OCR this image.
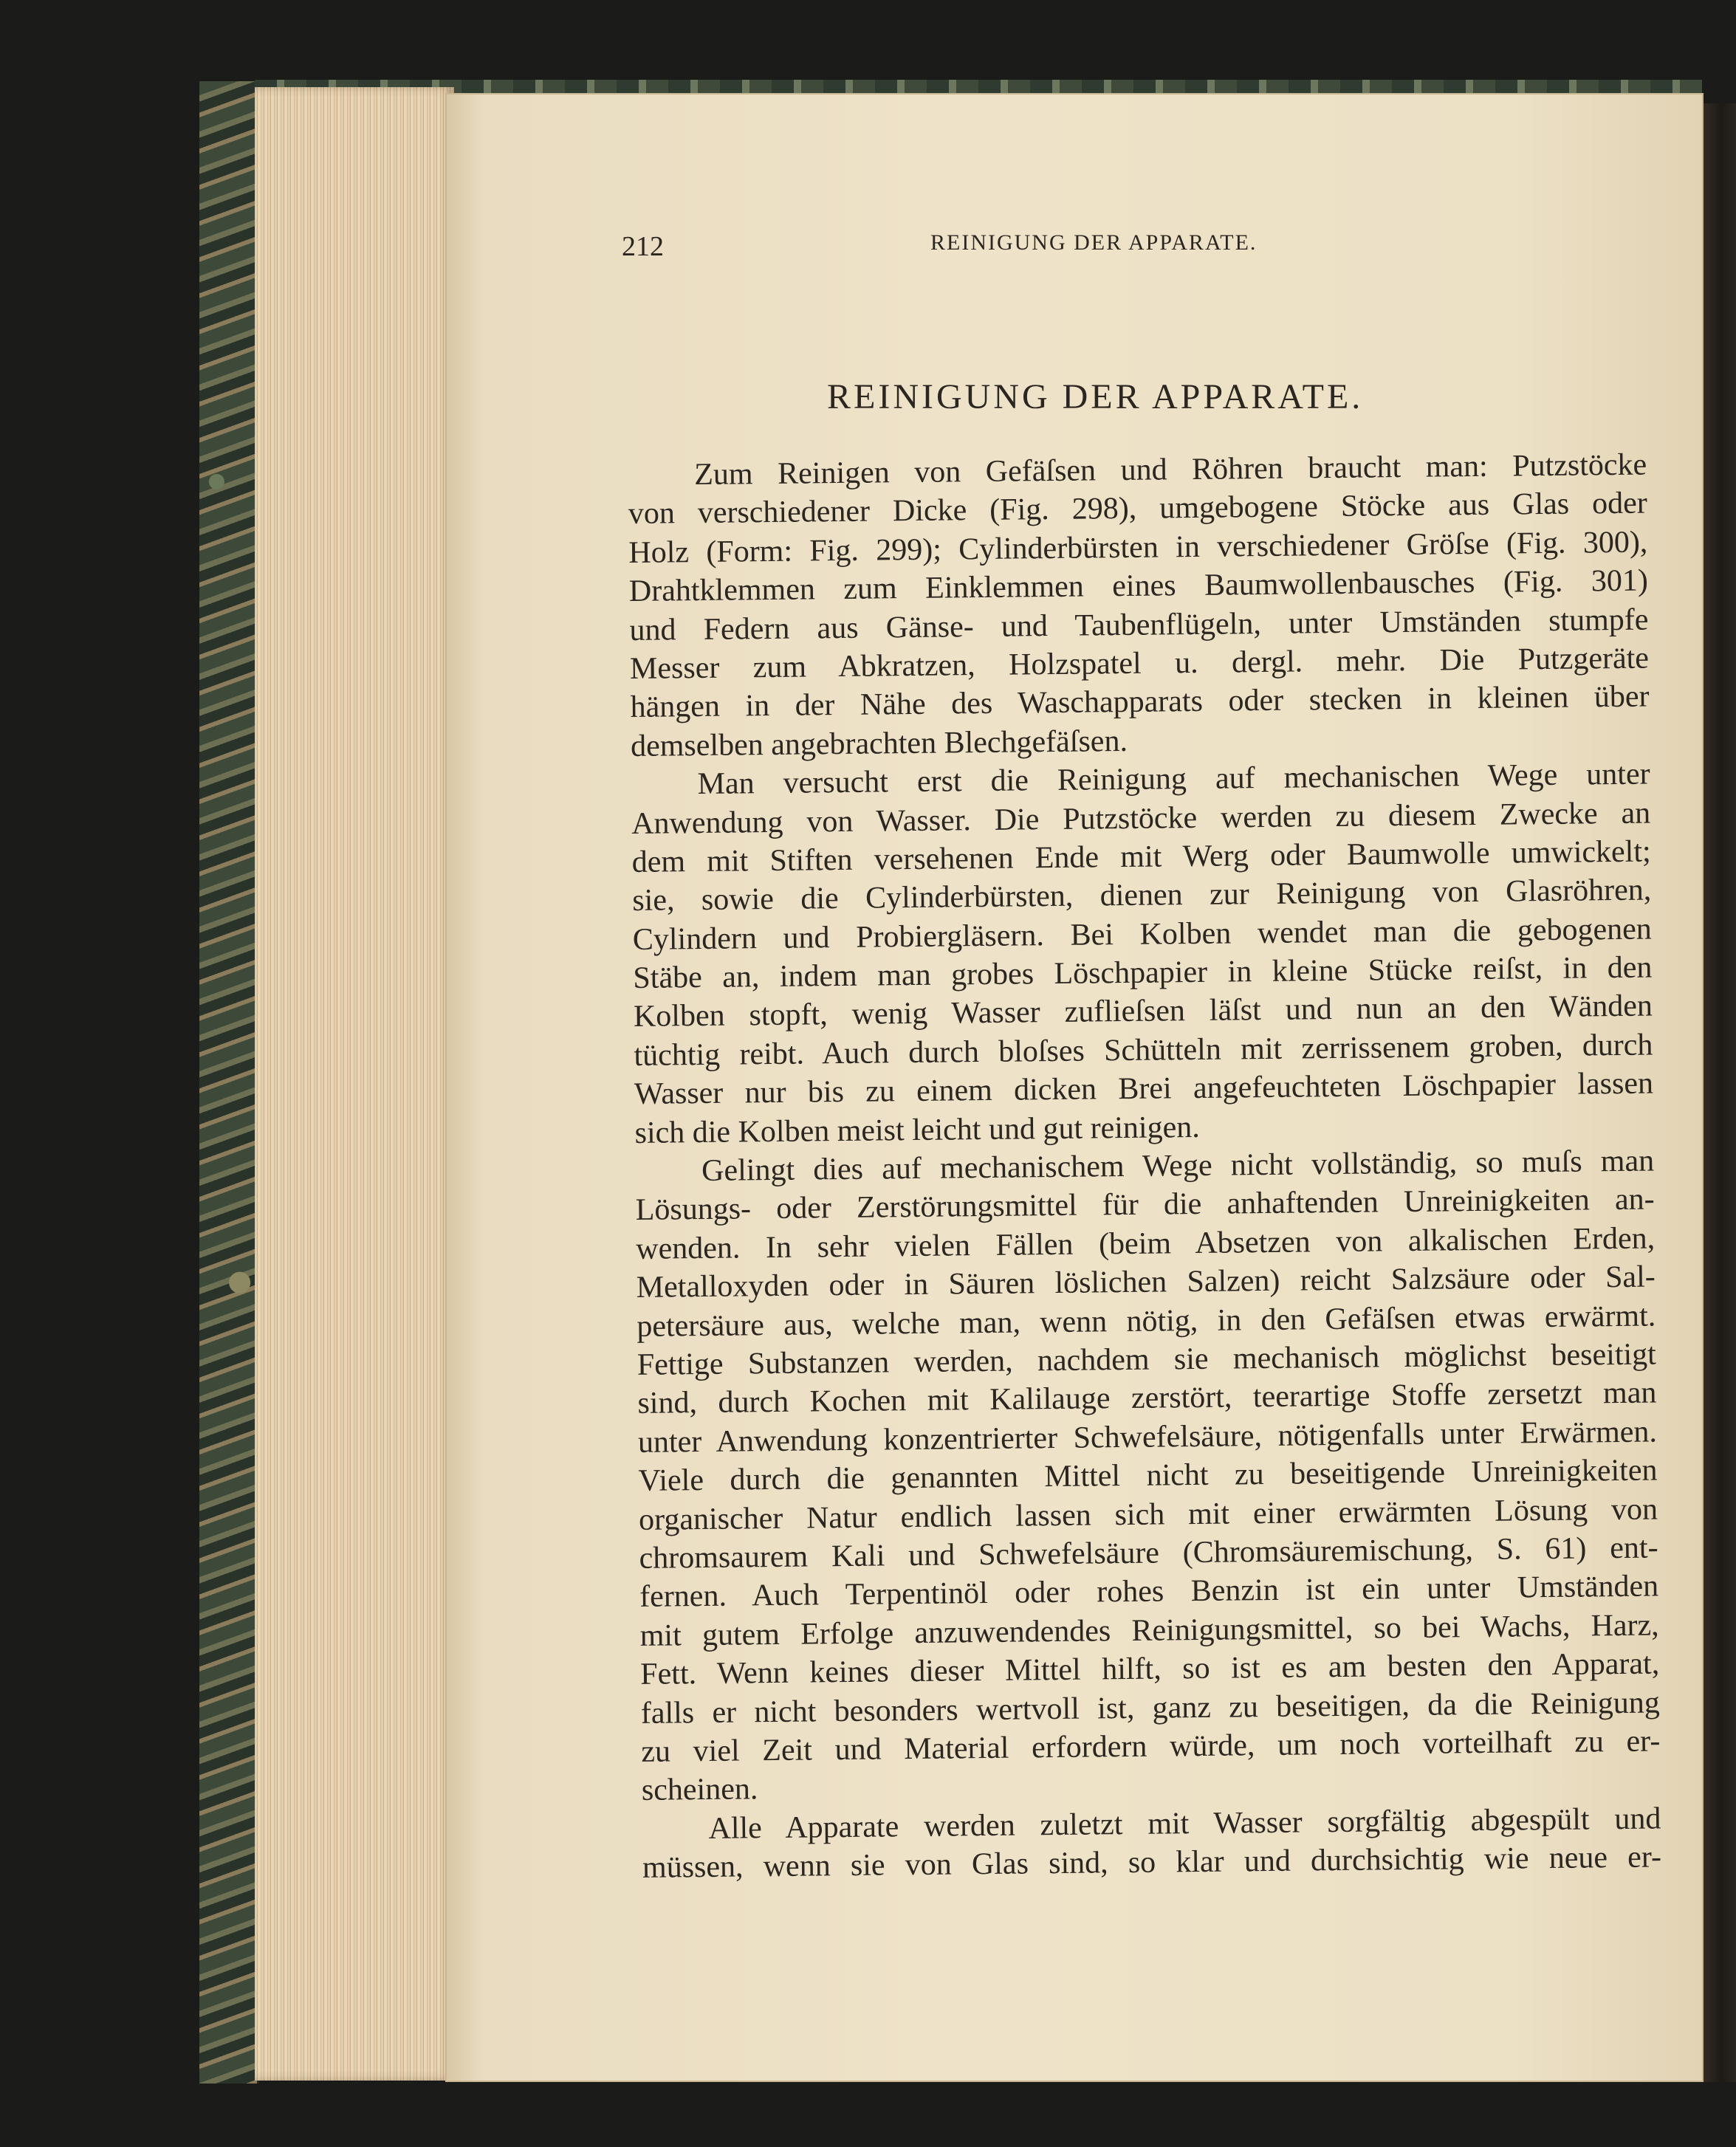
212	REINIGUNG DER APPARATE.
REINIGUNG DER APPARATE.
Zum Reinigen von Gefäſsen und Röhren braucht man: Putzstöcke
von verschiedener Dicke (Fig. 298), umgebogene Stöcke aus Glas oder
Holz (Form: Fig. 299); Cylinderbürsten in verschiedener Gröſse (Fig. 300),
Drahtklemmen zum Einklemmen eines Baumwollenbausches (Fig. 301)
und Federn aus Gänse- und Taubenflügeln, unter Umständen stumpfe
Messer zum Abkratzen, Holzspatel u. dergl. mehr. Die Putzgeräte
hängen in der Nähe des Waschapparats oder stecken in kleinen über
demselben angebrachten Blechgefäſsen.
Man versucht erst die Reinigung auf mechanischen Wege unter
Anwendung von Wasser. Die Putzstöcke werden zu diesem Zwecke an
dem mit Stiften versehenen Ende mit Werg oder Baumwolle umwickelt;
sie, sowie die Cylinderbürsten, dienen zur Reinigung von Glasröhren,
Cylindern und Probiergläsern. Bei Kolben wendet man die gebogenen
Stäbe an, indem man grobes Löschpapier in kleine Stücke reiſst, in den
Kolben stopft, wenig Wasser zuflieſsen läſst und nun an den Wänden
tüchtig reibt. Auch durch bloſses Schütteln mit zerrissenem groben, durch
Wasser nur bis zu einem dicken Brei angefeuchteten Löschpapier lassen
sich die Kolben meist leicht und gut reinigen.
Gelingt dies auf mechanischem Wege nicht vollständig, so muſs man
Lösungs- oder Zerstörungsmittel für die anhaftenden Unreinigkeiten an-
wenden. In sehr vielen Fällen (beim Absetzen von alkalischen Erden,
Metalloxyden oder in Säuren löslichen Salzen) reicht Salzsäure oder Sal-
petersäure aus, welche man, wenn nötig, in den Gefäſsen etwas erwärmt.
Fettige Substanzen werden, nachdem sie mechanisch möglichst beseitigt
sind, durch Kochen mit Kalilauge zerstört, teerartige Stoffe zersetzt man
unter Anwendung konzentrierter Schwefelsäure, nötigenfalls unter Erwärmen.
Viele durch die genannten Mittel nicht zu beseitigende Unreinigkeiten
organischer Natur endlich lassen sich mit einer erwärmten Lösung von
chromsaurem Kali und Schwefelsäure (Chromsäuremischung, S. 61) ent-
fernen. Auch Terpentinöl oder rohes Benzin ist ein unter Umständen
mit gutem Erfolge anzuwendendes Reinigungsmittel, so bei Wachs, Harz,
Fett. Wenn keines dieser Mittel hilft, so ist es am besten den Apparat,
falls er nicht besonders wertvoll ist, ganz zu beseitigen, da die Reinigung
zu viel Zeit und Material erfordern würde, um noch vorteilhaft zu er-
scheinen.
Alle Apparate werden zuletzt mit Wasser sorgfältig abgespült und
müssen, wenn sie von Glas sind, so klar und durchsichtig wie neue er-
